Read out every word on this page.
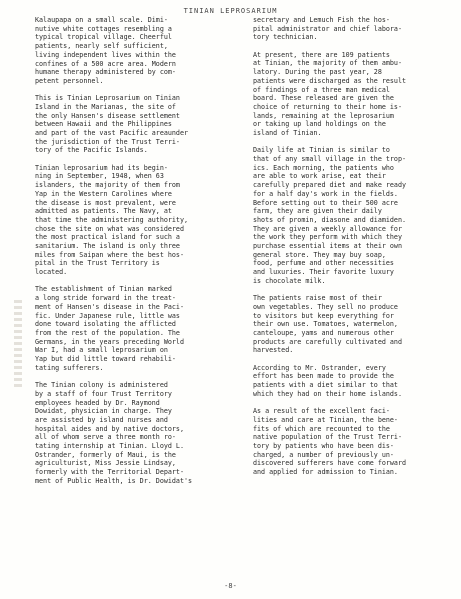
TINIAN LEPROSARIUM

Kalaupapa on a small scale. Dimi-
nutive white cottages resembling a
typical tropical village. Cheerful
patients, nearly self sufficient,
living independent lives within the
confines of a 500 acre area. Modern
humane therapy administered by com-
petent personnel.

This is Tinian Leprosarium on Tinian
Island in the Marianas, the site of
the only Hansen's disease settlement
between Hawaii and the Philippines
and part of the vast Pacific areaunder
the jurisdiction of the Trust Terri-
tory of the Pacific Islands.

Tinian leprosarium had its begin-
ning in September, 1948, when 63
islanders, the majority of them from
Yap in the Western Carolines where
the disease is most prevalent, were
admitted as patients. The Navy, at
that time the administering authority,
chose the site on what was considered
the most practical island for such a
sanitarium. The island is only three
miles from Saipan where the best hos-
pital in the Trust Territory is
located.

The establishment of Tinian marked
a long stride forward in the treat-
ment of Hansen's disease in the Paci-
fic. Under Japanese rule, little was
done toward isolating the afflicted
from the rest of the population. The
Germans, in the years preceding World
War I, had a small leprosarium on
Yap but did little toward rehabili-
tating sufferers.

The Tinian colony is administered
by a staff of four Trust Territory
employees headed by Dr. Raymond
Dowidat, physician in charge. They
are assisted by island nurses and
hospital aides and by native doctors,
all of whom serve a three month ro-
tating internship at Tinian. Lloyd L.
Ostrander, formerly of Maui, is the
agriculturist, Miss Jessie Lindsay,
formerly with the Territorial Depart-
ment of Public Health, is Dr. Dowidat's

secretary and Lemuch Fish the hos-
pital administrator and chief labora-
tory technician.

At present, there are 109 patients
at Tinian, the majority of them ambu-
latory. During the past year, 28
patients were discharged as the result
of findings of a three man medical
board. These released are given the
choice of returning to their home is-
lands, remaining at the leprosarium
or taking up land holdings on the
island of Tinian.

Daily life at Tinian is similar to
that of any small village in the trop-
ics. Each morning, the patients who
are able to work arise, eat their
carefully prepared diet and make ready
for a half day's work in the fields.
Before setting out to their 500 acre
farm, they are given their daily
shots of promin, diasone and diamiden.
They are given a weekly allowance for
the work they perform with which they
purchase essential items at their own
general store. They may buy soap,
food, perfume and other necessities
and luxuries. Their favorite luxury
is chocolate milk.

The patients raise most of their
own vegetables. They sell no produce
to visitors but keep everything for
their own use. Tomatoes, watermelon,
canteloupe, yams and numerous other
products are carefully cultivated and
harvested.

According to Mr. Ostrander, every
effort has been made to provide the
patients with a diet similar to that
which they had on their home islands.

As a result of the excellent faci-
lities and care at Tinian, the bene-
fits of which are recounted to the
native population of the Trust Terri-
tory by patients who have been dis-
charged, a number of previously un-
discovered sufferers have come forward
and applied for admission to Tinian.

-8-
